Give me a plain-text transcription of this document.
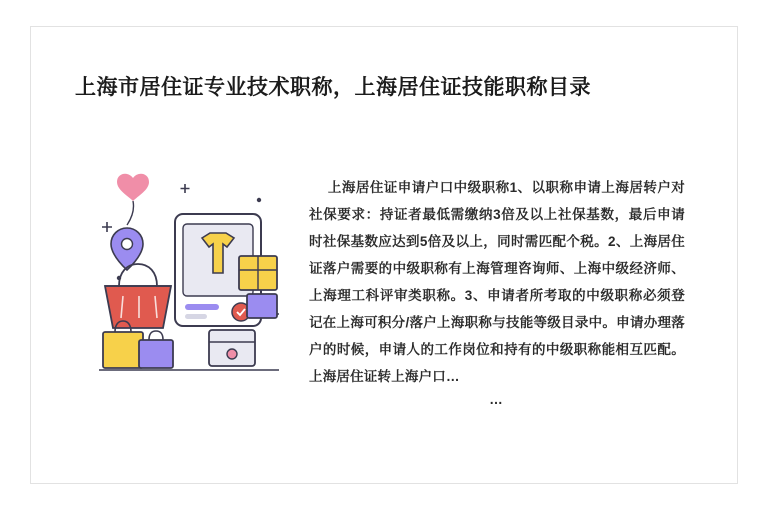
上海市居住证专业技术职称，上海居住证技能职称目录

上海居住证申请户口中级职称1、以职称申请上海居转户对社保要求：持证者最低需缴纳3倍及以上社保基数，最后申请时社保基数应达到5倍及以上，同时需匹配个税。2、上海居住证落户需要的中级职称有上海管理咨询师、上海中级经济师、上海理工科评审类职称。3、申请者所考取的中级职称必须登记在上海可积分/落户上海职称与技能等级目录中。申请办理落户的时候，申请人的工作岗位和持有的中级职称能相互匹配。上海居住证转上海户口…

…
